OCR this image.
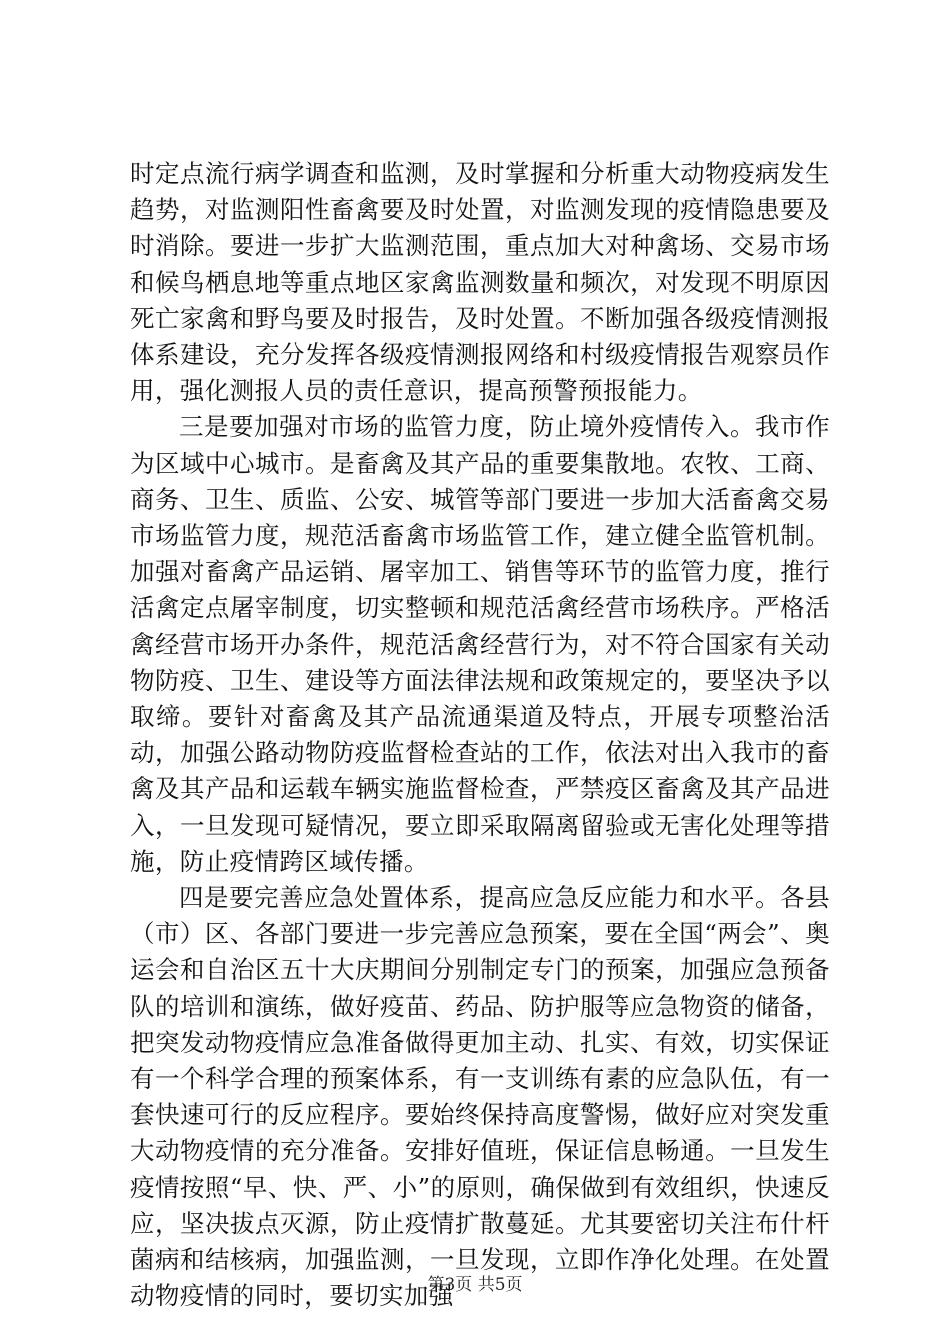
时定点流行病学调查和监测，及时掌握和分析重大动物疫病发生趋势，对监测阳性畜禽要及时处置，对监测发现的疫情隐患要及时消除。要进一步扩大监测范围，重点加大对种禽场、交易市场和候鸟栖息地等重点地区家禽监测数量和频次，对发现不明原因死亡家禽和野鸟要及时报告，及时处置。不断加强各级疫情测报体系建设，充分发挥各级疫情测报网络和村级疫情报告观察员作用，强化测报人员的责任意识，提高预警预报能力。

三是要加强对市场的监管力度，防止境外疫情传入。我市作为区域中心城市。是畜禽及其产品的重要集散地。农牧、工商、商务、卫生、质监、公安、城管等部门要进一步加大活畜禽交易市场监管力度，规范活畜禽市场监管工作，建立健全监管机制。加强对畜禽产品运销、屠宰加工、销售等环节的监管力度，推行活禽定点屠宰制度，切实整顿和规范活禽经营市场秩序。严格活禽经营市场开办条件，规范活禽经营行为，对不符合国家有关动物防疫、卫生、建设等方面法律法规和政策规定的，要坚决予以取缔。要针对畜禽及其产品流通渠道及特点，开展专项整治活动，加强公路动物防疫监督检查站的工作，依法对出入我市的畜禽及其产品和运载车辆实施监督检查，严禁疫区畜禽及其产品进入，一旦发现可疑情况，要立即采取隔离留验或无害化处理等措施，防止疫情跨区域传播。

四是要完善应急处置体系，提高应急反应能力和水平。各县（市）区、各部门要进一步完善应急预案，要在全国“两会”、奥运会和自治区五十大庆期间分别制定专门的预案，加强应急预备队的培训和演练，做好疫苗、药品、防护服等应急物资的储备，把突发动物疫情应急准备做得更加主动、扎实、有效，切实保证有一个科学合理的预案体系，有一支训练有素的应急队伍，有一套快速可行的反应程序。要始终保持高度警惕，做好应对突发重大动物疫情的充分准备。安排好值班，保证信息畅通。一旦发生疫情按照“早、快、严、小”的原则，确保做到有效组织，快速反应，坚决拔点灭源，防止疫情扩散蔓延。尤其要密切关注布什杆菌病和结核病，加强监测，一旦发现，立即作净化处理。在处置动物疫情的同时，要切实加强

第3页 共5页
